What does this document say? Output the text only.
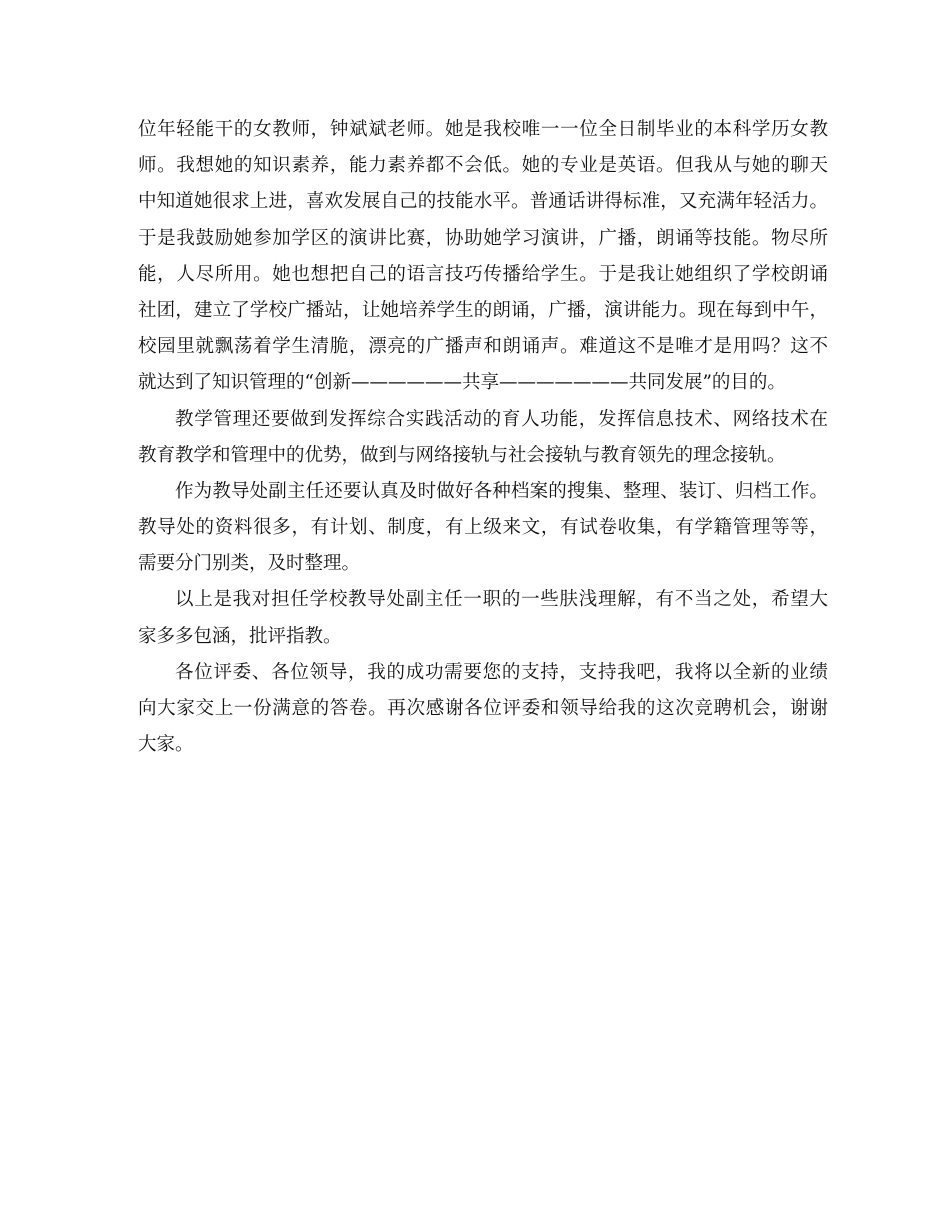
位年轻能干的女教师，钟斌斌老师。她是我校唯一一位全日制毕业的本科学历女教
师。我想她的知识素养，能力素养都不会低。她的专业是英语。但我从与她的聊天
中知道她很求上进，喜欢发展自己的技能水平。普通话讲得标准，又充满年轻活力。
于是我鼓励她参加学区的演讲比赛，协助她学习演讲，广播，朗诵等技能。物尽所
能，人尽所用。她也想把自己的语言技巧传播给学生。于是我让她组织了学校朗诵
社团，建立了学校广播站，让她培养学生的朗诵，广播，演讲能力。现在每到中午，
校园里就飘荡着学生清脆，漂亮的广播声和朗诵声。难道这不是唯才是用吗？这不
就达到了知识管理的“创新——————共享———————共同发展”的目的。
教学管理还要做到发挥综合实践活动的育人功能，发挥信息技术、网络技术在
教育教学和管理中的优势，做到与网络接轨与社会接轨与教育领先的理念接轨。
作为教导处副主任还要认真及时做好各种档案的搜集、整理、装订、归档工作。
教导处的资料很多，有计划、制度，有上级来文，有试卷收集，有学籍管理等等，
需要分门别类，及时整理。
以上是我对担任学校教导处副主任一职的一些肤浅理解，有不当之处，希望大
家多多包涵，批评指教。
各位评委、各位领导，我的成功需要您的支持，支持我吧，我将以全新的业绩
向大家交上一份满意的答卷。再次感谢各位评委和领导给我的这次竞聘机会，谢谢
大家。
